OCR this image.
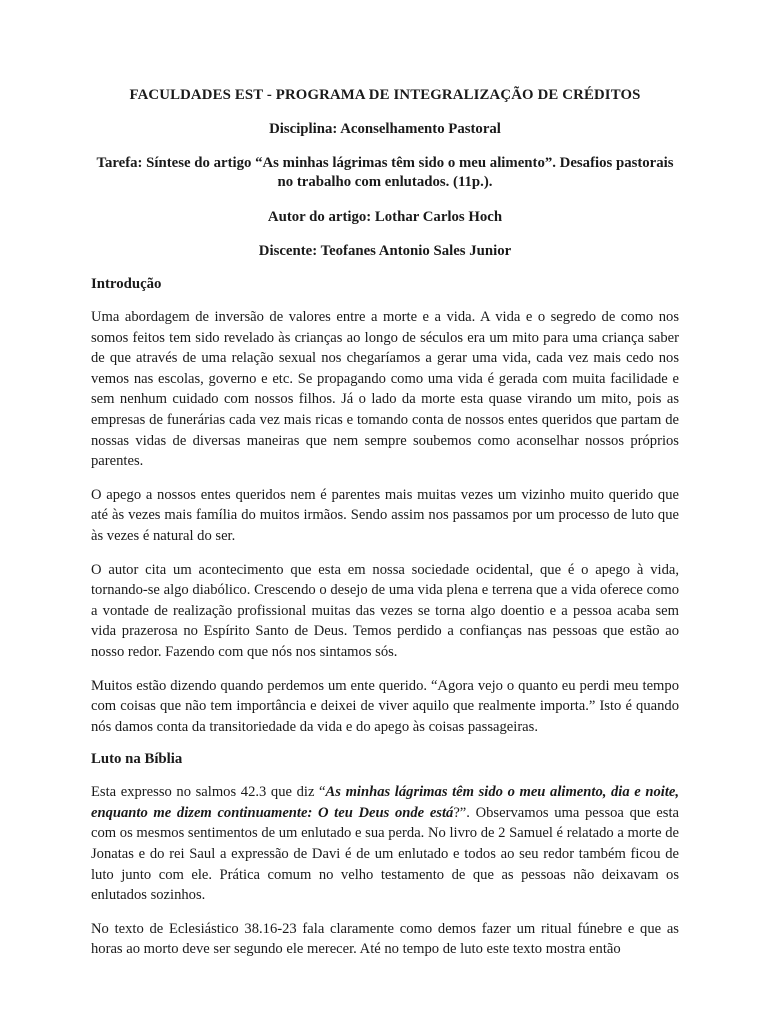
FACULDADES EST - PROGRAMA DE INTEGRALIZAÇÃO DE CRÉDITOS

Disciplina: Aconselhamento Pastoral

Tarefa: Síntese do artigo “As minhas lágrimas têm sido o meu alimento”. Desafios pastorais no trabalho com enlutados. (11p.).

Autor do artigo: Lothar Carlos Hoch

Discente: Teofanes Antonio Sales Junior

Introdução

Uma abordagem de inversão de valores entre a morte e a vida. A vida e o segredo de como nos somos feitos tem sido revelado às crianças ao longo de séculos era um mito para uma criança saber de que através de uma relação sexual nos chegaríamos a gerar uma vida, cada vez mais cedo nos vemos nas escolas, governo e etc. Se propagando como uma vida é gerada com muita facilidade e sem nenhum cuidado com nossos filhos. Já o lado da morte esta quase virando um mito, pois as empresas de funerárias cada vez mais ricas e tomando conta de nossos entes queridos que partam de nossas vidas de diversas maneiras que nem sempre soubemos como aconselhar nossos próprios parentes.

O apego a nossos entes queridos nem é parentes mais muitas vezes um vizinho muito querido que até às vezes mais família do muitos irmãos. Sendo assim nos passamos por um processo de luto que às vezes é natural do ser.

O autor cita um acontecimento que esta em nossa sociedade ocidental, que é o apego à vida, tornando-se algo diabólico. Crescendo o desejo de uma vida plena e terrena que a vida oferece como a vontade de realização profissional muitas das vezes se torna algo doentio e a pessoa acaba sem vida prazerosa no Espírito Santo de Deus. Temos perdido a confianças nas pessoas que estão ao nosso redor. Fazendo com que nós nos sintamos sós.

Muitos estão dizendo quando perdemos um ente querido. “Agora vejo o quanto eu perdi meu tempo com coisas que não tem importância e deixei de viver aquilo que realmente importa.” Isto é quando nós damos conta da transitoriedade da vida e do apego às coisas passageiras.

Luto na Bíblia

Esta expresso no salmos 42.3 que diz “As minhas lágrimas têm sido o meu alimento, dia e noite, enquanto me dizem continuamente: O teu Deus onde está?”. Observamos uma pessoa que esta com os mesmos sentimentos de um enlutado e sua perda. No livro de 2 Samuel é relatado a morte de Jonatas e do rei Saul a expressão de Davi é de um enlutado e todos ao seu redor também ficou de luto junto com ele. Prática comum no velho testamento de que as pessoas não deixavam os enlutados sozinhos.

No texto de Eclesiástico 38.16-23 fala claramente como demos fazer um ritual fúnebre e que as horas ao morto deve ser segundo ele merecer. Até no tempo de luto este texto mostra então
